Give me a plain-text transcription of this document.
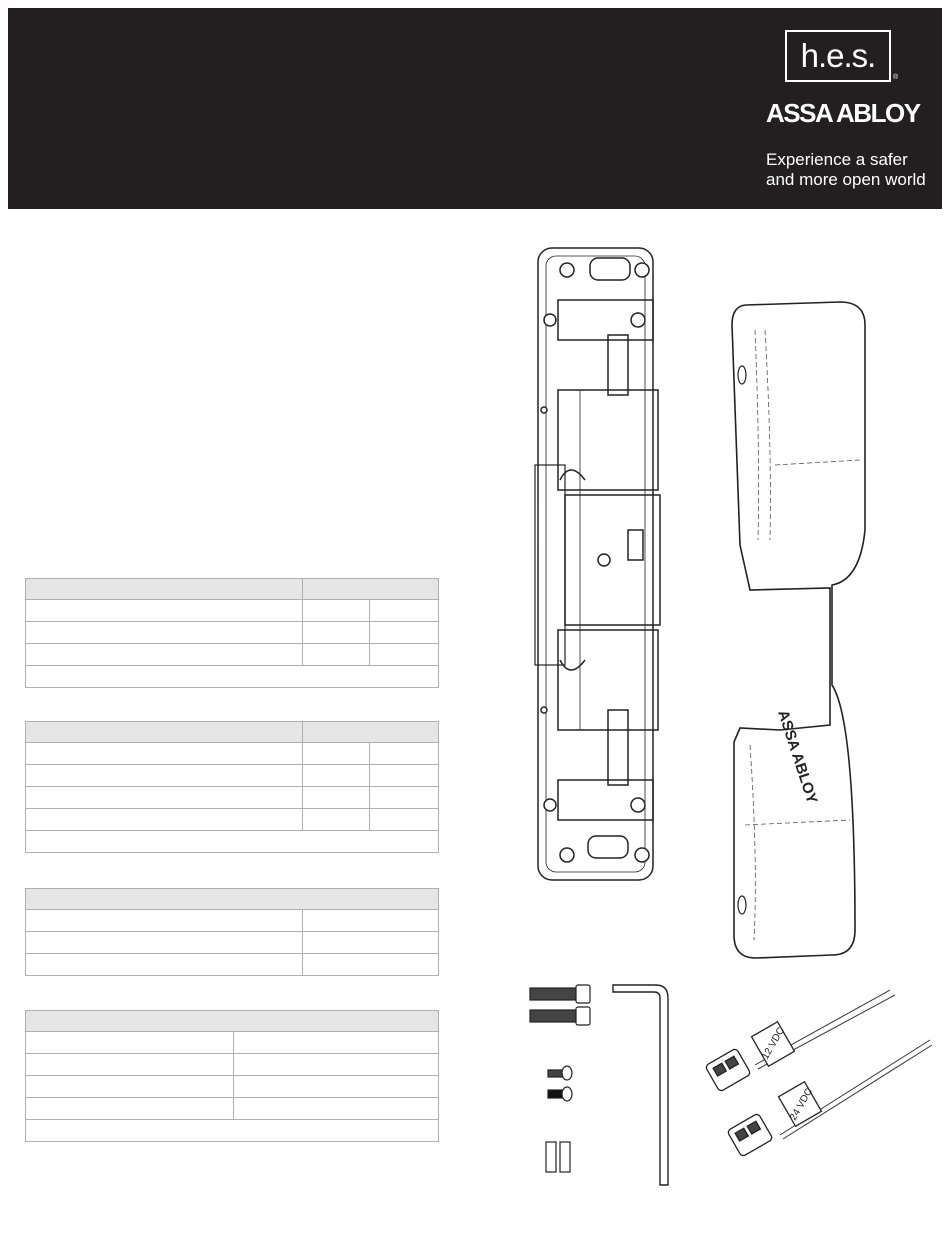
h.e.s.
®
ASSA ABLOY
Experience a safer
and more open world

ASSA ABLOY
12 VDC
24 VDC
